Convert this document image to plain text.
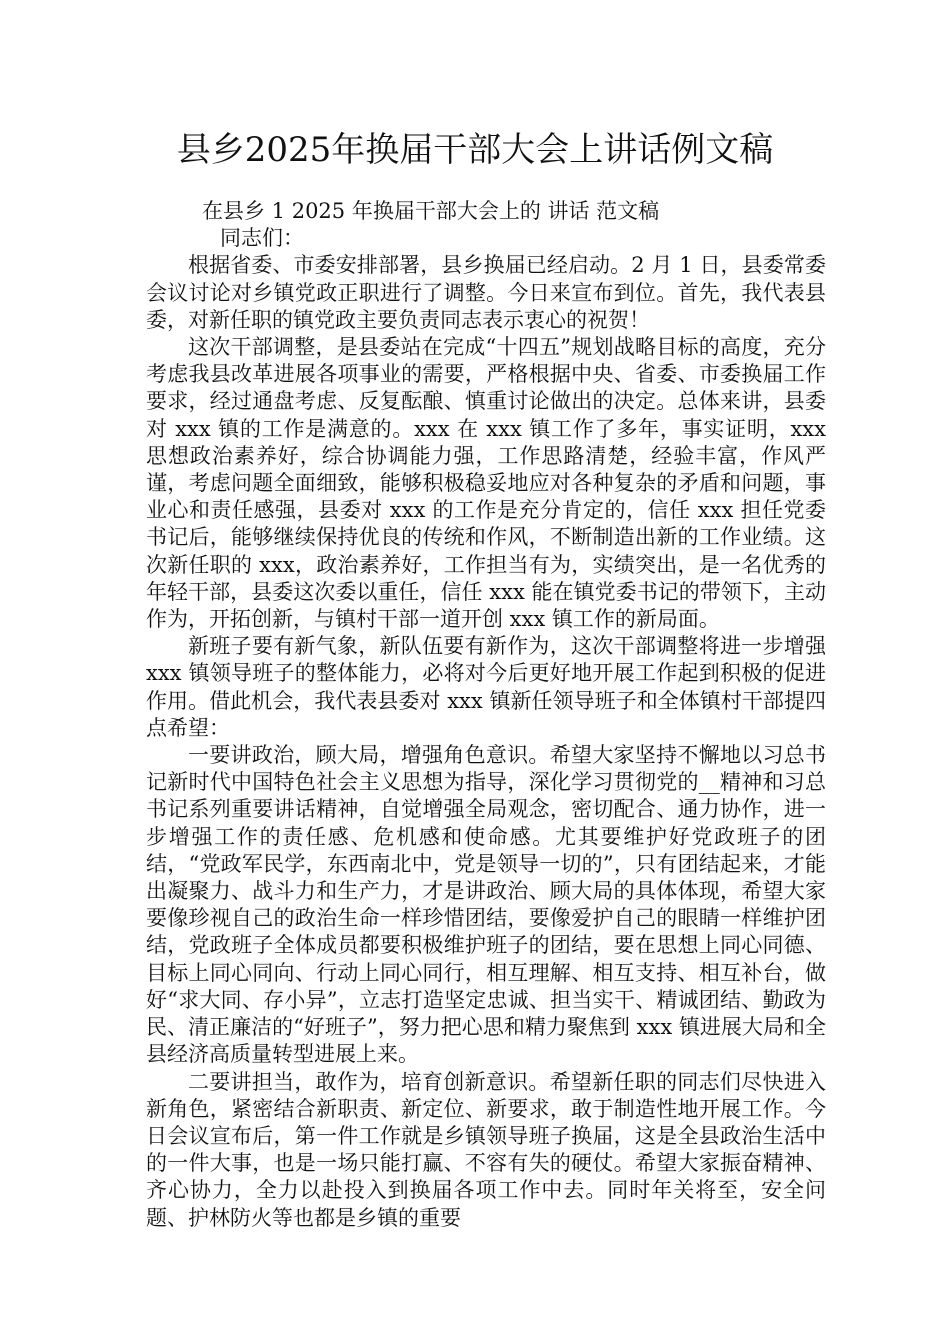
县乡2025年换届干部大会上讲话例文稿

在县乡 1 2025 年换届干部大会上的 讲话 范文稿

同志们：

根据省委、市委安排部署，县乡换届已经启动。2 月 1 日，县委常委会议讨论对乡镇党政正职进行了调整。今日来宣布到位。首先，我代表县委，对新任职的镇党政主要负责同志表示衷心的祝贺！

这次干部调整，是县委站在完成“十四五”规划战略目标的高度，充分考虑我县改革进展各项事业的需要，严格根据中央、省委、市委换届工作要求，经过通盘考虑、反复酝酿、慎重讨论做出的决定。总体来讲，县委对 xxx 镇的工作是满意的。xxx 在 xxx 镇工作了多年，事实证明，xxx 思想政治素养好，综合协调能力强，工作思路清楚，经验丰富，作风严谨，考虑问题全面细致，能够积极稳妥地应对各种复杂的矛盾和问题，事业心和责任感强，县委对 xxx 的工作是充分肯定的，信任 xxx 担任党委书记后，能够继续保持优良的传统和作风，不断制造出新的工作业绩。这次新任职的 xxx，政治素养好，工作担当有为，实绩突出，是一名优秀的年轻干部，县委这次委以重任，信任 xxx 能在镇党委书记的带领下，主动作为，开拓创新，与镇村干部一道开创 xxx 镇工作的新局面。

新班子要有新气象，新队伍要有新作为，这次干部调整将进一步增强 xxx 镇领导班子的整体能力，必将对今后更好地开展工作起到积极的促进作用。借此机会，我代表县委对 xxx 镇新任领导班子和全体镇村干部提四点希望：

一要讲政治，顾大局，增强角色意识。希望大家坚持不懈地以习总书记新时代中国特色社会主义思想为指导，深化学习贯彻党的__精神和习总书记系列重要讲话精神，自觉增强全局观念，密切配合、通力协作，进一步增强工作的责任感、危机感和使命感。尤其要维护好党政班子的团结，“党政军民学，东西南北中，党是领导一切的”，只有团结起来，才能出凝聚力、战斗力和生产力，才是讲政治、顾大局的具体体现，希望大家要像珍视自己的政治生命一样珍惜团结，要像爱护自己的眼睛一样维护团结，党政班子全体成员都要积极维护班子的团结，要在思想上同心同德、目标上同心同向、行动上同心同行，相互理解、相互支持、相互补台，做好“求大同、存小异”，立志打造坚定忠诚、担当实干、精诚团结、勤政为民、清正廉洁的“好班子”，努力把心思和精力聚焦到 xxx 镇进展大局和全县经济高质量转型进展上来。

二要讲担当，敢作为，培育创新意识。希望新任职的同志们尽快进入新角色，紧密结合新职责、新定位、新要求，敢于制造性地开展工作。今日会议宣布后，第一件工作就是乡镇领导班子换届，这是全县政治生活中的一件大事，也是一场只能打赢、不容有失的硬仗。希望大家振奋精神、齐心协力，全力以赴投入到换届各项工作中去。同时年关将至，安全问题、护林防火等也都是乡镇的重要
